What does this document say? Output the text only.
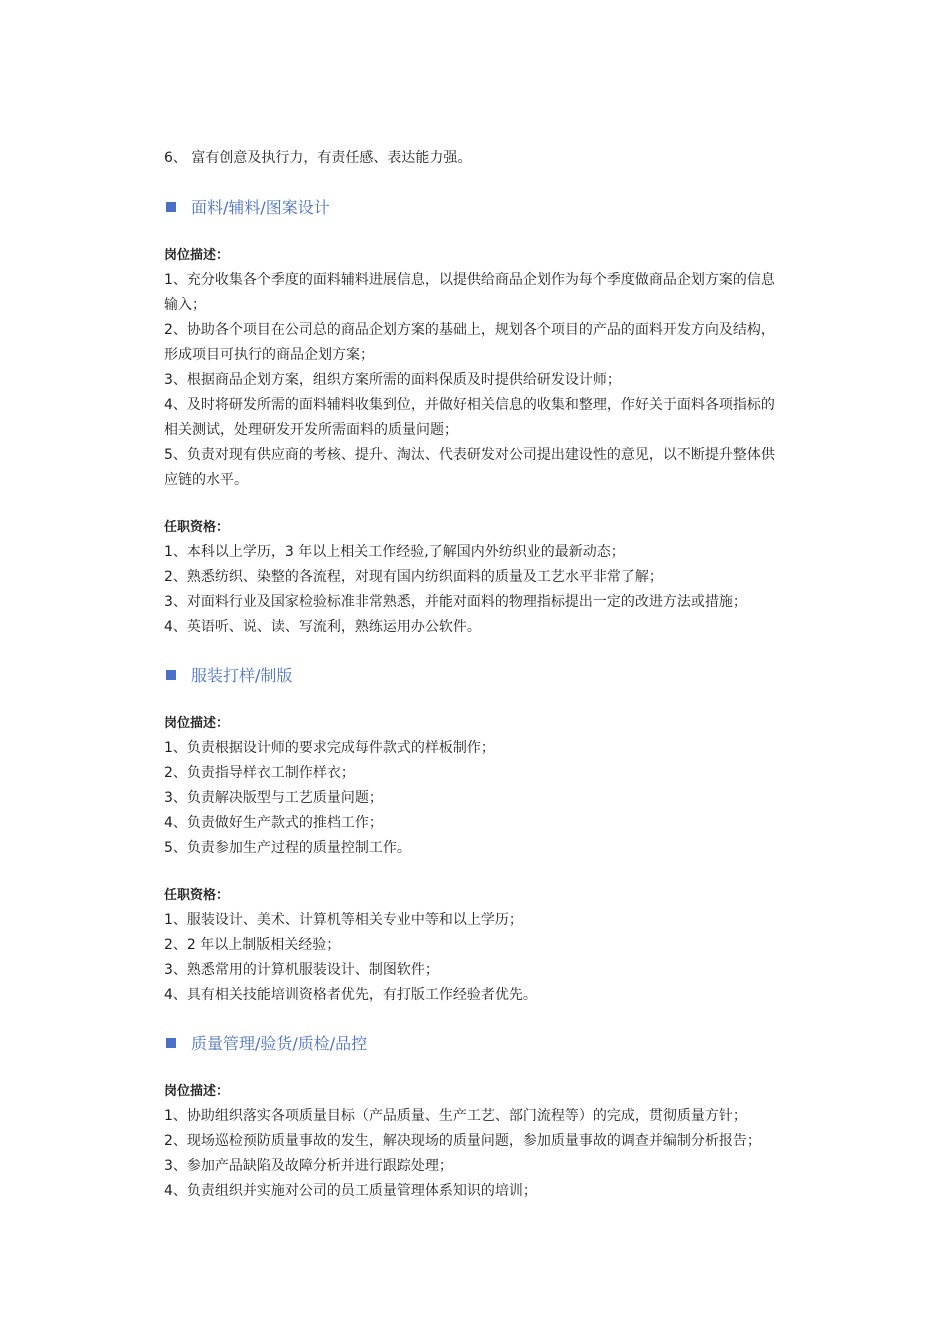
6、 富有创意及执行力，有责任感、表达能力强。

面料/辅料/图案设计

岗位描述：

1、充分收集各个季度的面料辅料进展信息，以提供给商品企划作为每个季度做商品企划方案的信息输入；

2、协助各个项目在公司总的商品企划方案的基础上，规划各个项目的产品的面料开发方向及结构，形成项目可执行的商品企划方案；

3、根据商品企划方案，组织方案所需的面料保质及时提供给研发设计师；

4、及时将研发所需的面料辅料收集到位，并做好相关信息的收集和整理，作好关于面料各项指标的相关测试，处理研发开发所需面料的质量问题；

5、负责对现有供应商的考核、提升、淘汰、代表研发对公司提出建设性的意见，以不断提升整体供应链的水平。

任职资格：

1、本科以上学历，3 年以上相关工作经验,了解国内外纺织业的最新动态；

2、熟悉纺织、染整的各流程，对现有国内纺织面料的质量及工艺水平非常了解；

3、对面料行业及国家检验标准非常熟悉，并能对面料的物理指标提出一定的改进方法或措施；

4、英语听、说、读、写流利，熟练运用办公软件。

服装打样/制版

岗位描述：

1、负责根据设计师的要求完成每件款式的样板制作；

2、负责指导样衣工制作样衣；

3、负责解决版型与工艺质量问题；

4、负责做好生产款式的推档工作；

5、负责参加生产过程的质量控制工作。

任职资格：

1、服装设计、美术、计算机等相关专业中等和以上学历；

2、2 年以上制版相关经验；

3、熟悉常用的计算机服装设计、制图软件；

4、具有相关技能培训资格者优先，有打版工作经验者优先。

质量管理/验货/质检/品控

岗位描述：

1、协助组织落实各项质量目标（产品质量、生产工艺、部门流程等）的完成，贯彻质量方针；

2、现场巡检预防质量事故的发生，解决现场的质量问题，参加质量事故的调查并编制分析报告；

3、参加产品缺陷及故障分析并进行跟踪处理；

4、负责组织并实施对公司的员工质量管理体系知识的培训；
